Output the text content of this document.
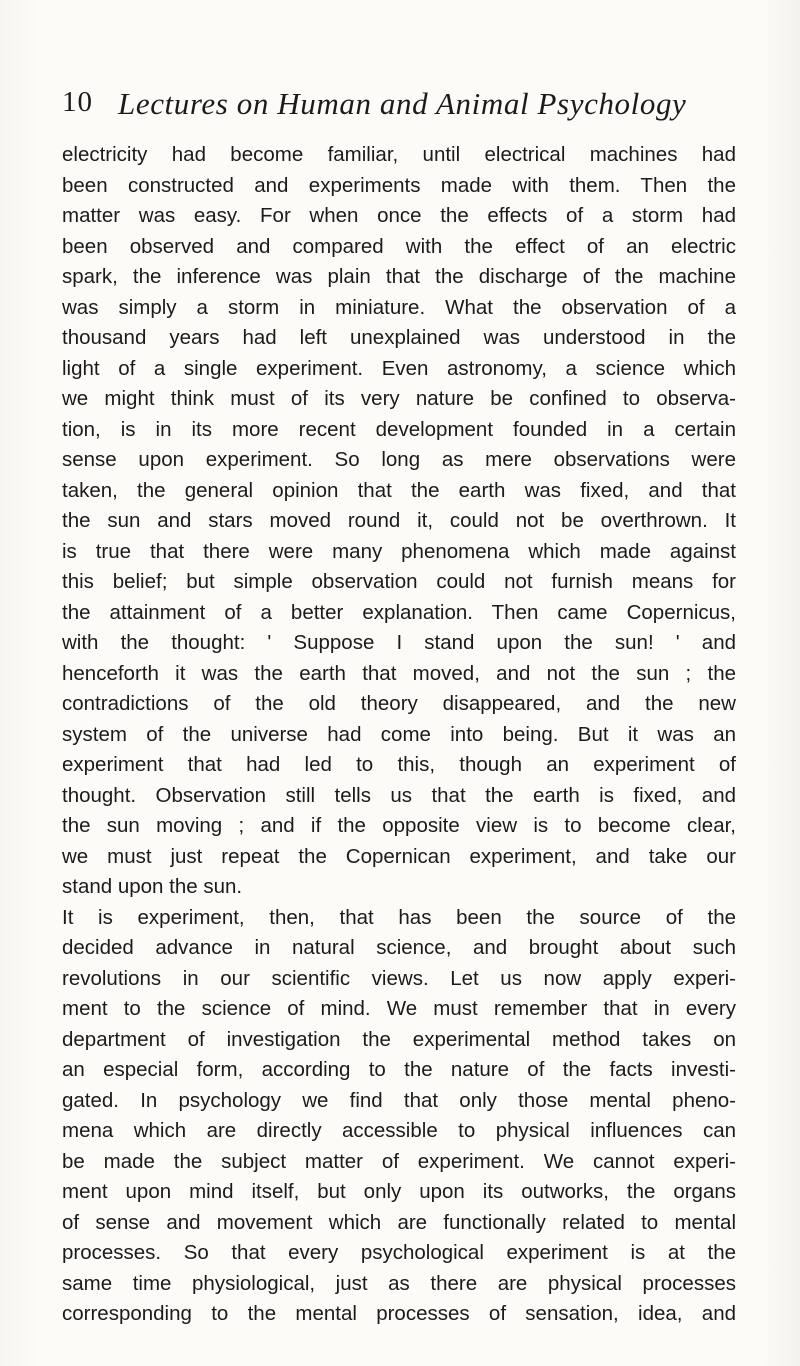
10 Lectures on Human and Animal Psychology
electricity had become familiar, until electrical machines had
been constructed and experiments made with them. Then the
matter was easy. For when once the effects of a storm had
been observed and compared with the effect of an electric
spark, the inference was plain that the discharge of the machine
was simply a storm in miniature. What the observation of a
thousand years had left unexplained was understood in the
light of a single experiment. Even astronomy, a science which
we might think must of its very nature be confined to observa-
tion, is in its more recent development founded in a certain
sense upon experiment. So long as mere observations were
taken, the general opinion that the earth was fixed, and that
the sun and stars moved round it, could not be overthrown. It
is true that there were many phenomena which made against
this belief; but simple observation could not furnish means for
the attainment of a better explanation. Then came Copernicus,
with the thought: ' Suppose I stand upon the sun! ' and
henceforth it was the earth that moved, and not the sun ; the
contradictions of the old theory disappeared, and the new
system of the universe had come into being. But it was an
experiment that had led to this, though an experiment of
thought. Observation still tells us that the earth is fixed, and
the sun moving ; and if the opposite view is to become clear,
we must just repeat the Copernican experiment, and take our
stand upon the sun.
It is experiment, then, that has been the source of the
decided advance in natural science, and brought about such
revolutions in our scientific views. Let us now apply experi-
ment to the science of mind. We must remember that in every
department of investigation the experimental method takes on
an especial form, according to the nature of the facts investi-
gated. In psychology we find that only those mental pheno-
mena which are directly accessible to physical influences can
be made the subject matter of experiment. We cannot experi-
ment upon mind itself, but only upon its outworks, the organs
of sense and movement which are functionally related to mental
processes. So that every psychological experiment is at the
same time physiological, just as there are physical processes
corresponding to the mental processes of sensation, idea, and
